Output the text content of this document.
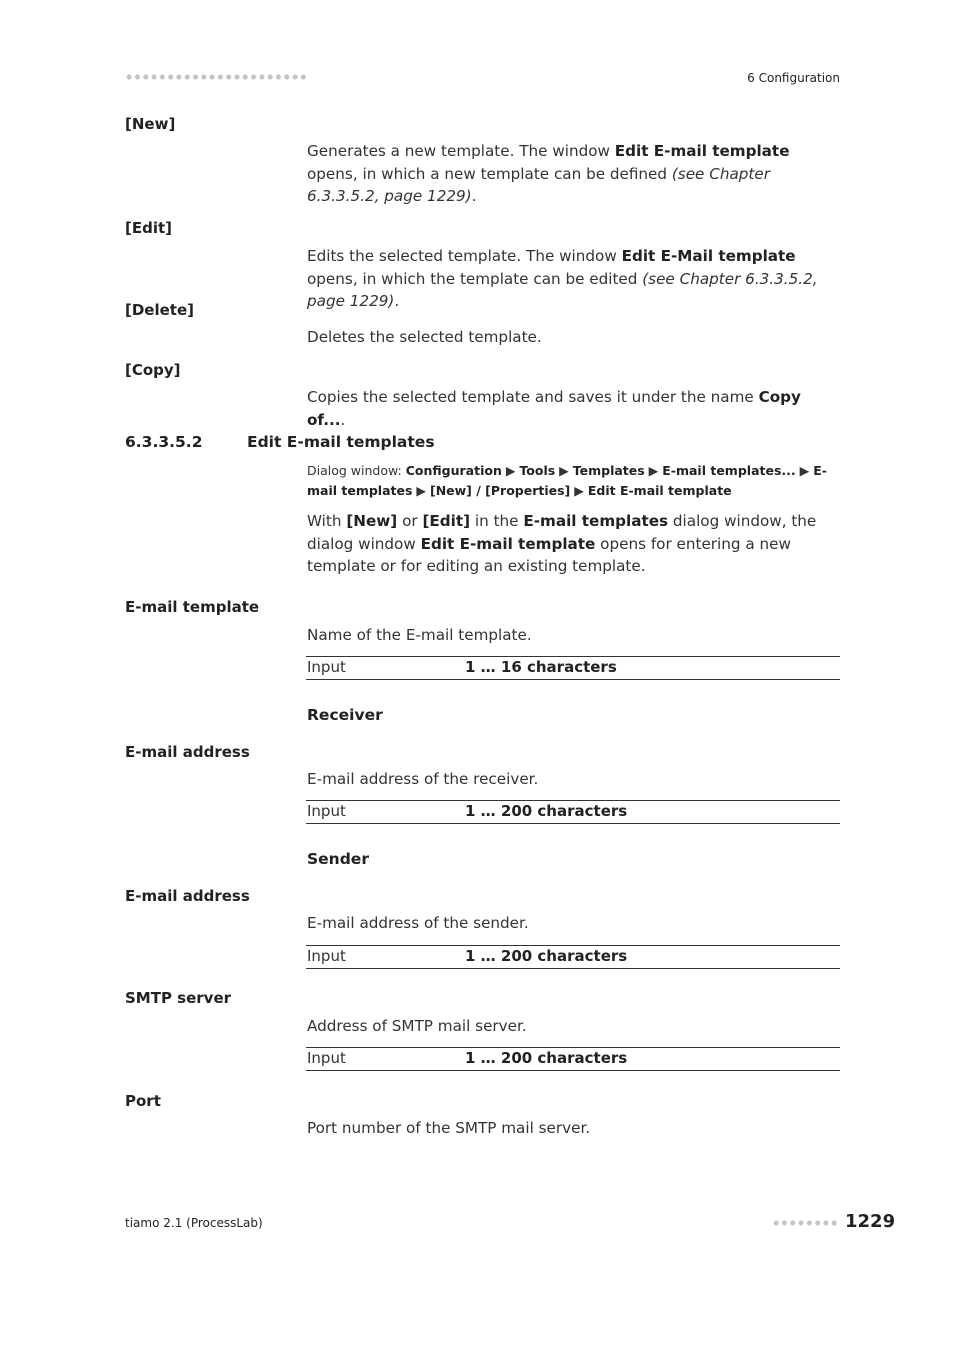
6 Configuration
[New]
Generates a new template. The window Edit E-mail template opens, in which a new template can be defined (see Chapter 6.3.3.5.2, page 1229).
[Edit]
Edits the selected template. The window Edit E-Mail template opens, in which the template can be edited (see Chapter 6.3.3.5.2, page 1229).
[Delete]
Deletes the selected template.
[Copy]
Copies the selected template and saves it under the name Copy of....
6.3.3.5.2	Edit E-mail templates
Dialog window: Configuration ▶ Tools ▶ Templates ▶ E-mail templates... ▶ E-mail templates ▶ [New] / [Properties] ▶ Edit E-mail template
With [New] or [Edit] in the E-mail templates dialog window, the dialog window Edit E-mail template opens for entering a new template or for editing an existing template.
E-mail template
Name of the E-mail template.
Input	1 … 16 characters
Receiver
E-mail address
E-mail address of the receiver.
Input	1 … 200 characters
Sender
E-mail address
E-mail address of the sender.
Input	1 … 200 characters
SMTP server
Address of SMTP mail server.
Input	1 … 200 characters
Port
Port number of the SMTP mail server.
tiamo 2.1 (ProcessLab)	1229
